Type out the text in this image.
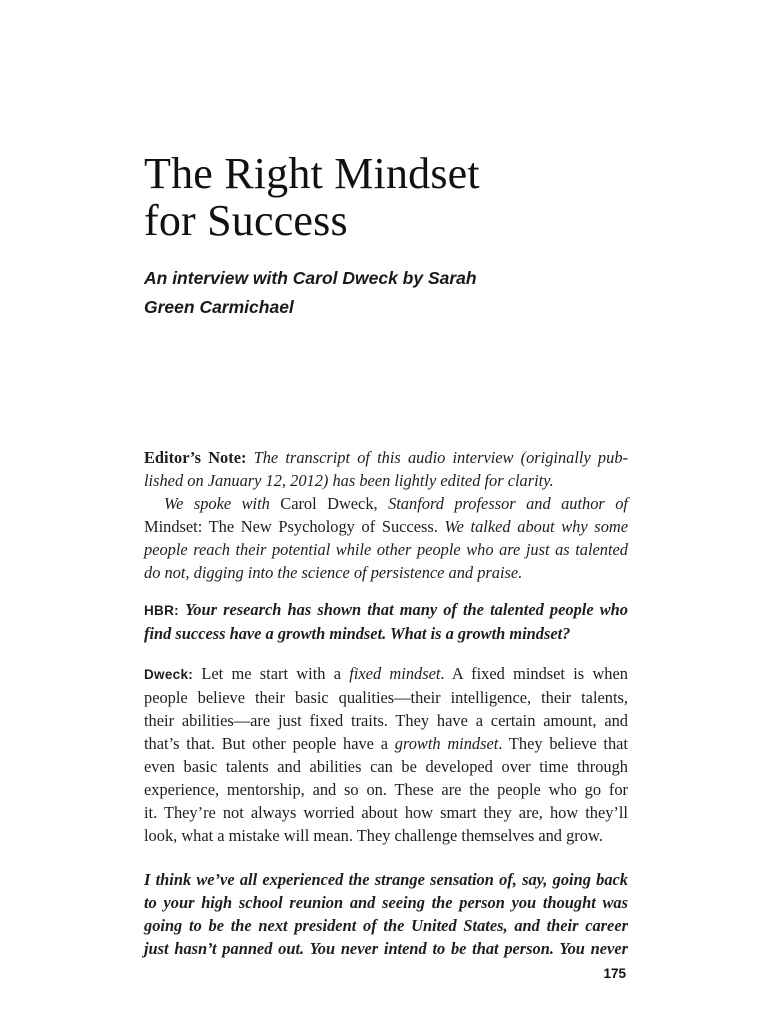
The Right Mindset
for Success
An interview with Carol Dweck by Sarah
Green Carmichael
Editor’s Note: The transcript of this audio interview (originally pub-
lished on January 12, 2012) has been lightly edited for clarity.
We spoke with Carol Dweck, Stanford professor and author of
Mindset: The New Psychology of Success. We talked about why some
people reach their potential while other people who are just as talented
do not, digging into the science of persistence and praise.
HBR: Your research has shown that many of the talented people who
find success have a growth mindset. What is a growth mindset?
Dweck: Let me start with a fixed mindset. A fixed mindset is when
people believe their basic qualities—their intelligence, their talents,
their abilities—are just fixed traits. They have a certain amount, and
that’s that. But other people have a growth mindset. They believe that
even basic talents and abilities can be developed over time through
experience, mentorship, and so on. These are the people who go for
it. They’re not always worried about how smart they are, how they’ll
look, what a mistake will mean. They challenge themselves and grow.
I think we’ve all experienced the strange sensation of, say, going back
to your high school reunion and seeing the person you thought was
going to be the next president of the United States, and their career
just hasn’t panned out. You never intend to be that person. You never
175
